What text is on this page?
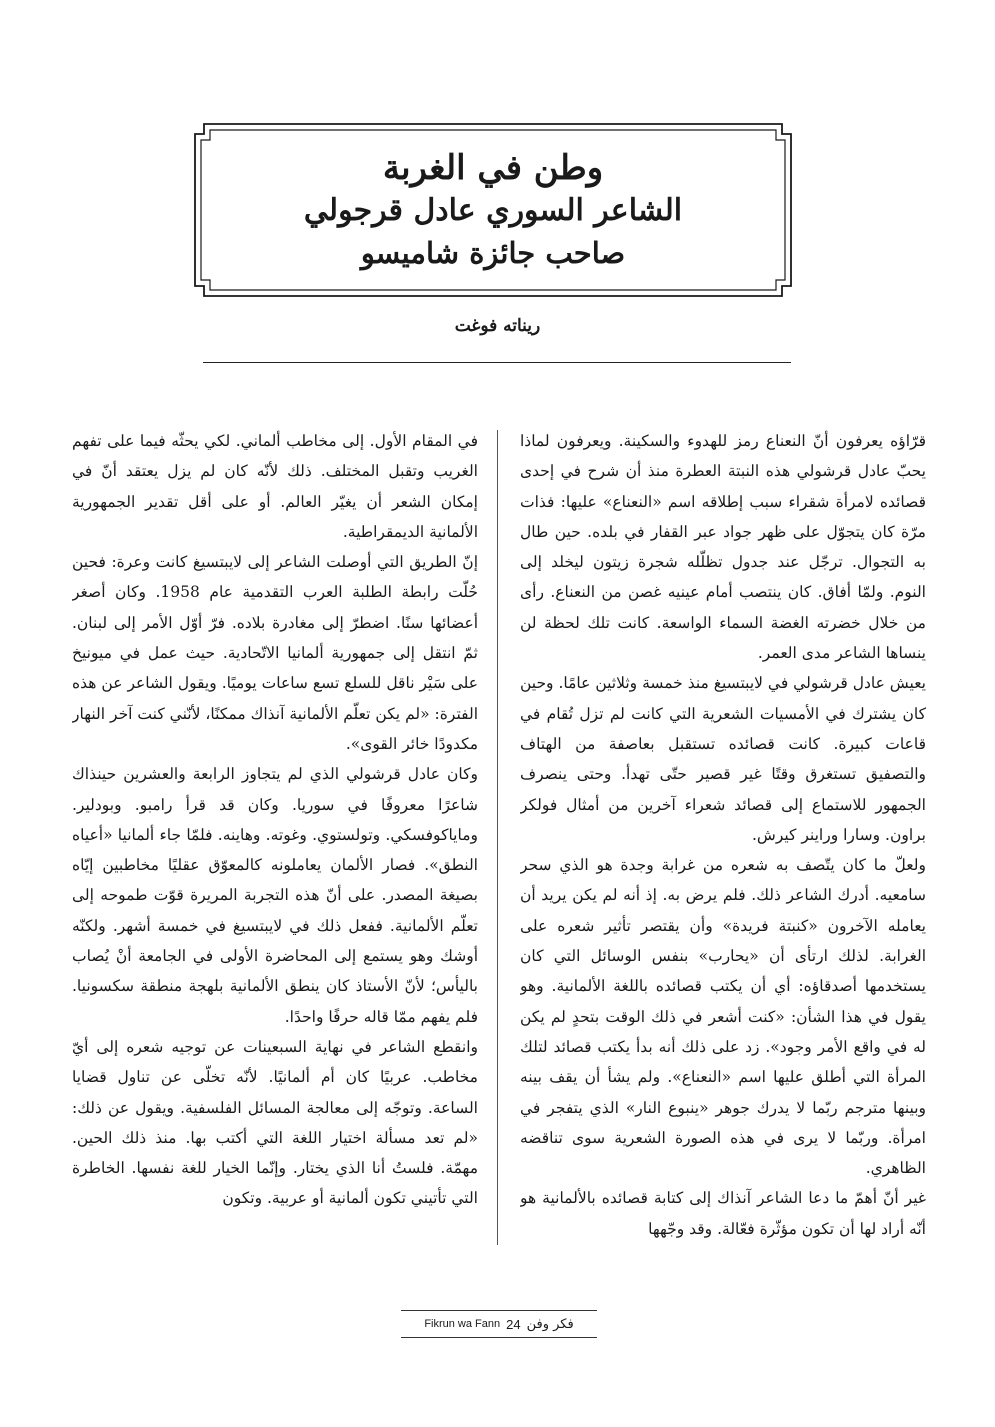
وطن في الغربة
الشاعر السوري عادل قرجولي
صاحب جائزة شاميسو
ريناته فوغت

قرّاؤه يعرفون أنّ النعناع رمز للهدوء والسكينة. ويعرفون لماذا يحبّ عادل قرشولي هذه النبتة العطرة منذ أن شرح في إحدى قصائده لامرأة شقراء سبب إطلاقه اسم «النعناع» عليها: فذات مرّة كان يتجوّل على ظهر جواد عبر القفار في بلده. حين طال به التجوال. ترجّل عند جدول تظلّله شجرة زيتون ليخلد إلى النوم. ولمّا أفاق. كان ينتصب أمام عينيه غصن من النعناع. رأى من خلال خضرته الغضة السماء الواسعة. كانت تلك لحظة لن ينساها الشاعر مدى العمر.

يعيش عادل قرشولي في لايبتسيغ منذ خمسة وثلاثين عامًا. وحين كان يشترك في الأمسيات الشعرية التي كانت لم تزل تُقام في قاعات كبيرة. كانت قصائده تستقبل بعاصفة من الهتاف والتصفيق تستغرق وقتًا غير قصير حتّى تهدأ. وحتى ينصرف الجمهور للاستماع إلى قصائد شعراء آخرين من أمثال فولكر براون. وسارا وراينر كيرش.

ولعلّ ما كان يتّصف به شعره من غرابة وجدة هو الذي سحر سامعيه. أدرك الشاعر ذلك. فلم يرض به. إذ أنه لم يكن يريد أن يعامله الآخرون «كنبتة فريدة» وأن يقتصر تأثير شعره على الغرابة. لذلك ارتأى أن «يحارب» بنفس الوسائل التي كان يستخدمها أصدقاؤه: أي أن يكتب قصائده باللغة الألمانية. وهو يقول في هذا الشأن: «كنت أشعر في ذلك الوقت بتحدٍ لم يكن له في واقع الأمر وجود». زد على ذلك أنه بدأ يكتب قصائد لتلك المرأة التي أطلق عليها اسم «النعناع». ولم يشأ أن يقف بينه وبينها مترجم ربّما لا يدرك جوهر «ينبوع النار» الذي يتفجر في امرأة. وربّما لا يرى في هذه الصورة الشعرية سوى تناقضه الظاهري.

غير أنّ أهمّ ما دعا الشاعر آنذاك إلى كتابة قصائده بالألمانية هو أنّه أراد لها أن تكون مؤثّرة فعّالة. وقد وجّهها

في المقام الأول. إلى مخاطب ألماني. لكي يحثّه فيما على تفهم الغريب وتقبل المختلف. ذلك لأنّه كان لم يزل يعتقد أنّ في إمكان الشعر أن يغيّر العالم. أو على أقل تقدير الجمهورية الألمانية الديمقراطية.

إنّ الطريق التي أوصلت الشاعر إلى لايبتسيغ كانت وعرة: فحين حُلّت رابطة الطلبة العرب التقدمية عام 1958. وكان أصغر أعضائها سنًا. اضطرّ إلى مغادرة بلاده. فرّ أوّل الأمر إلى لبنان. ثمّ انتقل إلى جمهورية ألمانيا الاتّحادية. حيث عمل في ميونيخ على سَيْر ناقل للسلع تسع ساعات يوميًا. ويقول الشاعر عن هذه الفترة: «لم يكن تعلّم الألمانية آنذاك ممكنًا، لأنّني كنت آخر النهار مكدودًا خائر القوى».

وكان عادل قرشولي الذي لم يتجاوز الرابعة والعشرين حينذاك شاعرًا معروفًا في سوريا. وكان قد قرأ رامبو. وبودلير. وماياكوفسكي. وتولستوي. وغوته. وهاينه. فلمّا جاء ألمانيا «أعياه النطق». فصار الألمان يعاملونه كالمعوّق عقليًا مخاطبين إيّاه بصيغة المصدر. على أنّ هذه التجربة المريرة قوّت طموحه إلى تعلّم الألمانية. ففعل ذلك في لايبتسيغ في خمسة أشهر. ولكنّه أوشك وهو يستمع إلى المحاضرة الأولى في الجامعة أنْ يُصاب باليأس؛ لأنّ الأستاذ كان ينطق الألمانية بلهجة منطقة سكسونيا. فلم يفهم ممّا قاله حرفًا واحدًا.

وانقطع الشاعر في نهاية السبعينات عن توجيه شعره إلى أيّ مخاطب. عربيًا كان أم ألمانيًا. لأنّه تخلّى عن تناول قضايا الساعة. وتوجّه إلى معالجة المسائل الفلسفية. ويقول عن ذلك: «لم تعد مسألة اختيار اللغة التي أكتب بها. منذ ذلك الحين. مهمّة. فلستُ أنا الذي يختار. وإنّما الخيار للغة نفسها. الخاطرة التي تأتيني تكون ألمانية أو عربية. وتكون

Fikrun wa Fann 24 فكر وفن
